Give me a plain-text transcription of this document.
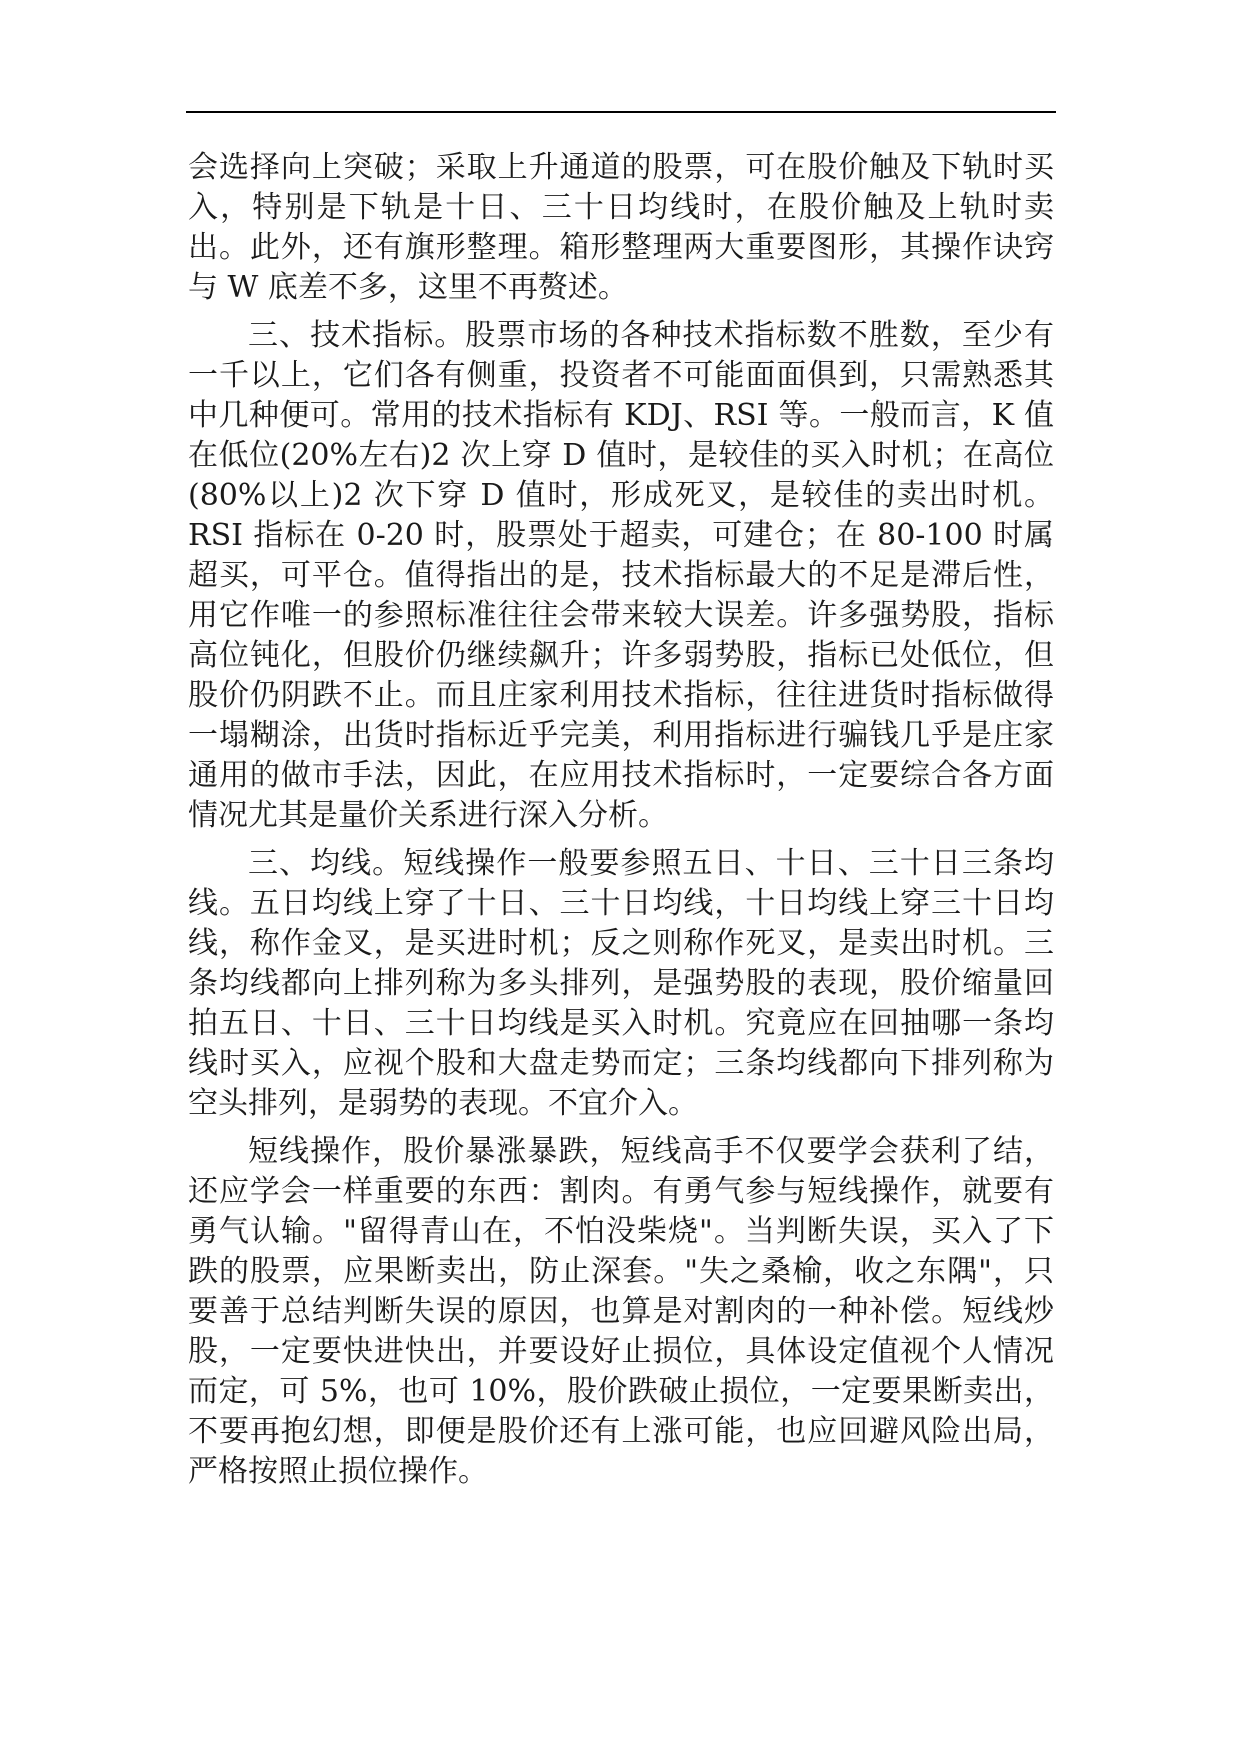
会选择向上突破；采取上升通道的股票，可在股价触及下轨时买入，特别是下轨是十日、三十日均线时，在股价触及上轨时卖出。此外，还有旗形整理。箱形整理两大重要图形，其操作诀窍与 W 底差不多，这里不再赘述。

三、技术指标。股票市场的各种技术指标数不胜数，至少有一千以上，它们各有侧重，投资者不可能面面俱到，只需熟悉其中几种便可。常用的技术指标有 KDJ、RSI 等。一般而言，K 值在低位(20%左右)2 次上穿 D 值时，是较佳的买入时机；在高位(80%以上)2 次下穿 D 值时，形成死叉，是较佳的卖出时机。RSI 指标在 0-20 时，股票处于超卖，可建仓；在 80-100 时属超买，可平仓。值得指出的是，技术指标最大的不足是滞后性，用它作唯一的参照标准往往会带来较大误差。许多强势股，指标高位钝化，但股价仍继续飙升；许多弱势股，指标已处低位，但股价仍阴跌不止。而且庄家利用技术指标，往往进货时指标做得一塌糊涂，出货时指标近乎完美，利用指标进行骗钱几乎是庄家通用的做市手法，因此，在应用技术指标时，一定要综合各方面情况尤其是量价关系进行深入分析。

三、均线。短线操作一般要参照五日、十日、三十日三条均线。五日均线上穿了十日、三十日均线，十日均线上穿三十日均线，称作金叉，是买进时机；反之则称作死叉，是卖出时机。三条均线都向上排列称为多头排列，是强势股的表现，股价缩量回拍五日、十日、三十日均线是买入时机。究竟应在回抽哪一条均线时买入，应视个股和大盘走势而定；三条均线都向下排列称为空头排列，是弱势的表现。不宜介入。

短线操作，股价暴涨暴跌，短线高手不仅要学会获利了结，还应学会一样重要的东西：割肉。有勇气参与短线操作，就要有勇气认输。"留得青山在，不怕没柴烧"。当判断失误，买入了下跌的股票，应果断卖出，防止深套。"失之桑榆，收之东隅"，只要善于总结判断失误的原因，也算是对割肉的一种补偿。短线炒股，一定要快进快出，并要设好止损位，具体设定值视个人情况而定，可 5%，也可 10%，股价跌破止损位，一定要果断卖出，不要再抱幻想，即便是股价还有上涨可能，也应回避风险出局，严格按照止损位操作。
